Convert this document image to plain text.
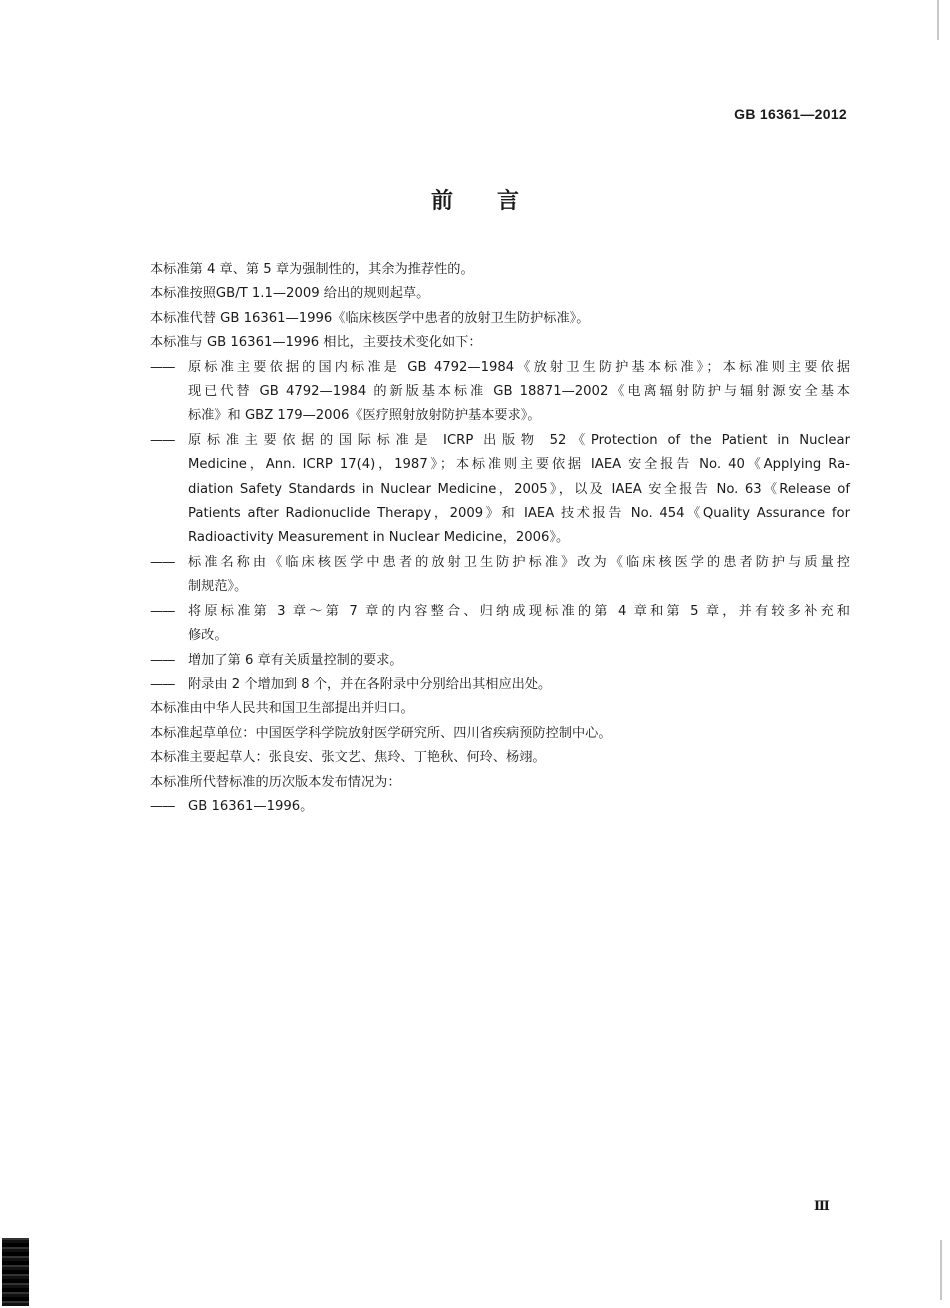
GB 16361—2012
前言

本标准第 4 章、第 5 章为强制性的，其余为推荐性的。

本标准按照GB/T 1.1—2009 给出的规则起草。

本标准代替 GB 16361—1996《临床核医学中患者的放射卫生防护标准》。

本标准与 GB 16361—1996 相比，主要技术变化如下：

——	原标准主要依据的国内标准是 GB 4792—1984《放射卫生防护基本标准》；本标准则主要依据
现已代替 GB 4792—1984 的新版基本标准 GB 18871—2002《电离辐射防护与辐射源安全基本
标准》和 GBZ 179—2006《医疗照射放射防护基本要求》。
——	原标准主要依据的国际标准是 ICRP 出版物 52《Protection of the Patient in Nuclear
Medicine，Ann. ICRP 17(4)，1987》；本标准则主要依据 IAEA 安全报告 No. 40《Applying Ra-
diation Safety Standards in Nuclear Medicine，2005》，以及 IAEA 安全报告 No. 63《Release of
Patients after Radionuclide Therapy，2009》和 IAEA 技术报告 No. 454《Quality Assurance for
Radioactivity Measurement in Nuclear Medicine，2006》。
——	标准名称由《临床核医学中患者的放射卫生防护标准》改为《临床核医学的患者防护与质量控
制规范》。
——	将原标准第 3 章～第 7 章的内容整合、归纳成现标准的第 4 章和第 5 章，并有较多补充和
修改。
——	增加了第 6 章有关质量控制的要求。
——	附录由 2 个增加到 8 个，并在各附录中分别给出其相应出处。

本标准由中华人民共和国卫生部提出并归口。

本标准起草单位：中国医学科学院放射医学研究所、四川省疾病预防控制中心。

本标准主要起草人：张良安、张文艺、焦玲、丁艳秋、何玲、杨翊。

本标准所代替标准的历次版本发布情况为：

——	GB 16361—1996。
Ⅲ
